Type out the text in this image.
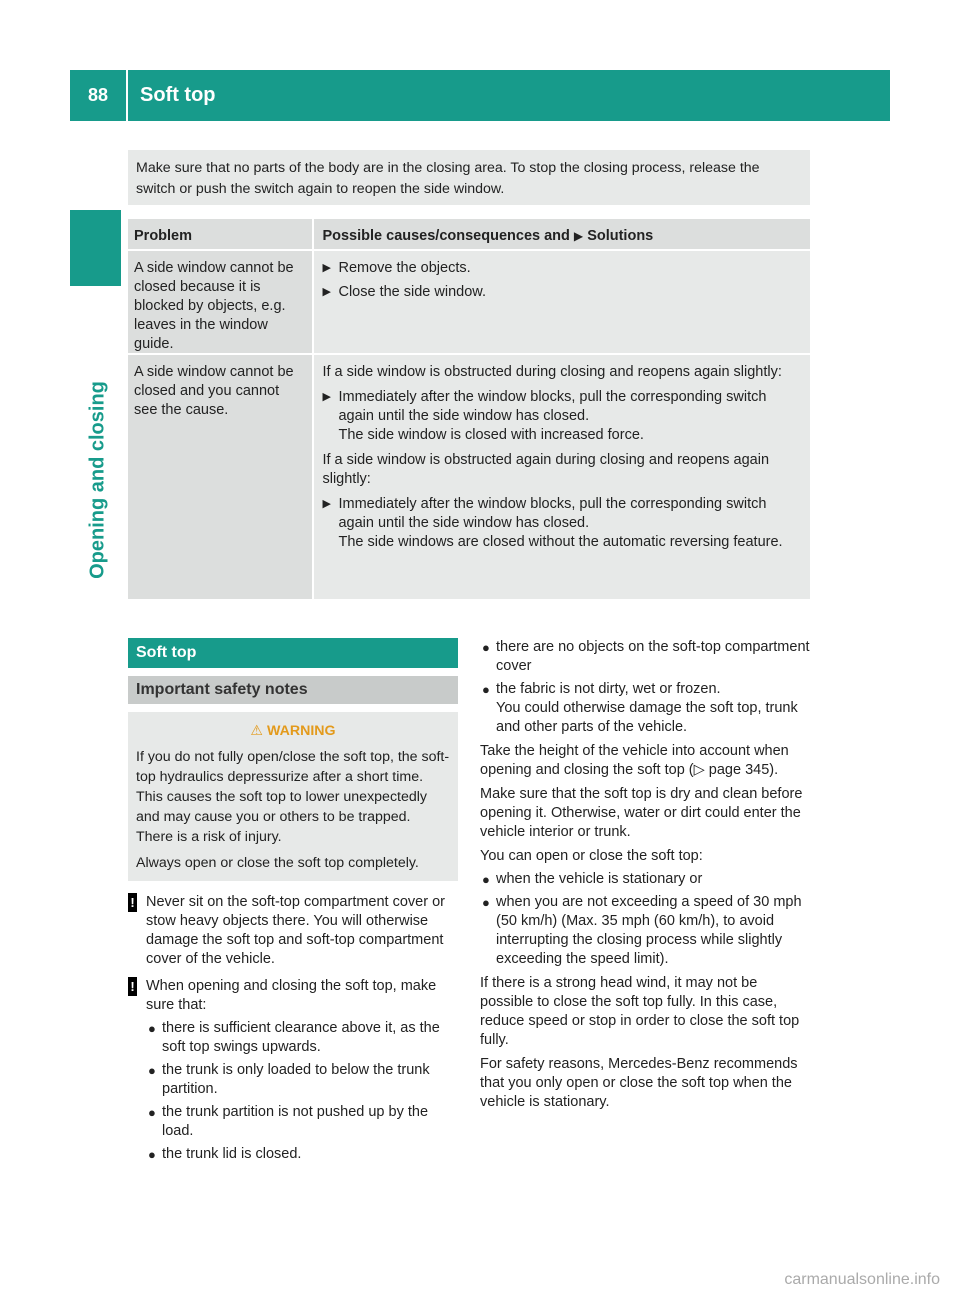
88	Soft top
Opening and closing
Make sure that no parts of the body are in the closing area. To stop the closing process, release the switch or push the switch again to reopen the side window.
Problem	Possible causes/consequences and ▶ Solutions
A side window cannot be closed because it is blocked by objects, e.g. leaves in the window guide.
▶ Remove the objects.
▶ Close the side window.
A side window cannot be closed and you cannot see the cause.
If a side window is obstructed during closing and reopens again slightly:
▶ Immediately after the window blocks, pull the corresponding switch again until the side window has closed.
The side window is closed with increased force.
If a side window is obstructed again during closing and reopens again slightly:
▶ Immediately after the window blocks, pull the corresponding switch again until the side window has closed.
The side windows are closed without the automatic reversing feature.
Soft top
Important safety notes
⚠ WARNING
If you do not fully open/close the soft top, the soft-top hydraulics depressurize after a short time. This causes the soft top to lower unexpectedly and may cause you or others to be trapped. There is a risk of injury.
Always open or close the soft top completely.
! Never sit on the soft-top compartment cover or stow heavy objects there. You will otherwise damage the soft top and soft-top compartment cover of the vehicle.
! When opening and closing the soft top, make sure that:
● there is sufficient clearance above it, as the soft top swings upwards.
● the trunk is only loaded to below the trunk partition.
● the trunk partition is not pushed up by the load.
● the trunk lid is closed.
● there are no objects on the soft-top compartment cover
● the fabric is not dirty, wet or frozen.
You could otherwise damage the soft top, trunk and other parts of the vehicle.
Take the height of the vehicle into account when opening and closing the soft top (▷ page 345).
Make sure that the soft top is dry and clean before opening it. Otherwise, water or dirt could enter the vehicle interior or trunk.
You can open or close the soft top:
● when the vehicle is stationary or
● when you are not exceeding a speed of 30 mph (50 km/h) (Max. 35 mph (60 km/h), to avoid interrupting the closing process while slightly exceeding the speed limit).
If there is a strong head wind, it may not be possible to close the soft top fully. In this case, reduce speed or stop in order to close the soft top fully.
For safety reasons, Mercedes-Benz recommends that you only open or close the soft top when the vehicle is stationary.
carmanualsonline.info
